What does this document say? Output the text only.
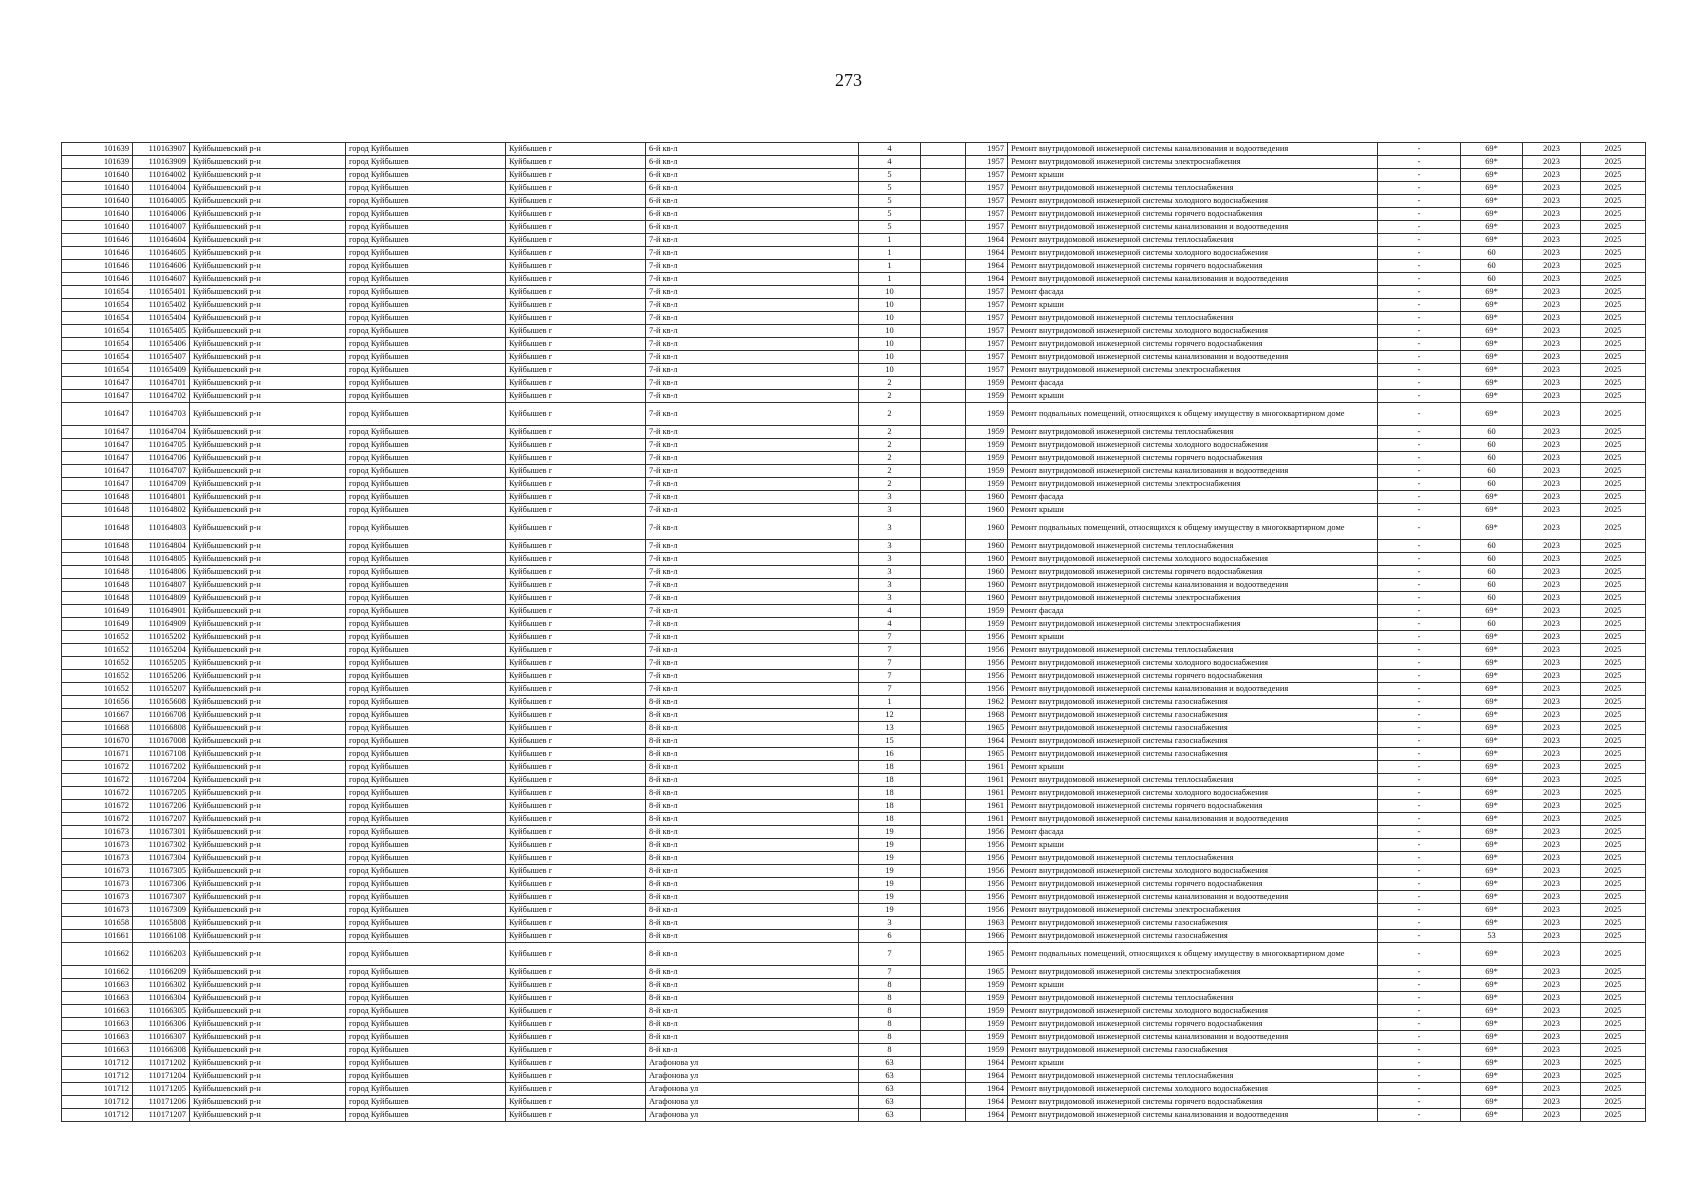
273
101639	110163907	Куйбышевский р-н	город Куйбышев	Куйбышев г	6-й кв-л	4		1957	Ремонт внутридомовой инженерной системы канализования и водоотведения	-	69*	2023	2025
101639	110163909	Куйбышевский р-н	город Куйбышев	Куйбышев г	6-й кв-л	4		1957	Ремонт внутридомовой инженерной системы электроснабжения	-	69*	2023	2025
101640	110164002	Куйбышевский р-н	город Куйбышев	Куйбышев г	6-й кв-л	5		1957	Ремонт крыши	-	69*	2023	2025
101640	110164004	Куйбышевский р-н	город Куйбышев	Куйбышев г	6-й кв-л	5		1957	Ремонт внутридомовой инженерной системы теплоснабжения	-	69*	2023	2025
101640	110164005	Куйбышевский р-н	город Куйбышев	Куйбышев г	6-й кв-л	5		1957	Ремонт внутридомовой инженерной системы холодного водоснабжения	-	69*	2023	2025
101640	110164006	Куйбышевский р-н	город Куйбышев	Куйбышев г	6-й кв-л	5		1957	Ремонт внутридомовой инженерной системы горячего водоснабжения	-	69*	2023	2025
101640	110164007	Куйбышевский р-н	город Куйбышев	Куйбышев г	6-й кв-л	5		1957	Ремонт внутридомовой инженерной системы канализования и водоотведения	-	69*	2023	2025
101646	110164604	Куйбышевский р-н	город Куйбышев	Куйбышев г	7-й кв-л	1		1964	Ремонт внутридомовой инженерной системы теплоснабжения	-	69*	2023	2025
101646	110164605	Куйбышевский р-н	город Куйбышев	Куйбышев г	7-й кв-л	1		1964	Ремонт внутридомовой инженерной системы холодного водоснабжения	-	60	2023	2025
101646	110164606	Куйбышевский р-н	город Куйбышев	Куйбышев г	7-й кв-л	1		1964	Ремонт внутридомовой инженерной системы горячего водоснабжения	-	60	2023	2025
101646	110164607	Куйбышевский р-н	город Куйбышев	Куйбышев г	7-й кв-л	1		1964	Ремонт внутридомовой инженерной системы канализования и водоотведения	-	60	2023	2025
101654	110165401	Куйбышевский р-н	город Куйбышев	Куйбышев г	7-й кв-л	10		1957	Ремонт фасада	-	69*	2023	2025
101654	110165402	Куйбышевский р-н	город Куйбышев	Куйбышев г	7-й кв-л	10		1957	Ремонт крыши	-	69*	2023	2025
101654	110165404	Куйбышевский р-н	город Куйбышев	Куйбышев г	7-й кв-л	10		1957	Ремонт внутридомовой инженерной системы теплоснабжения	-	69*	2023	2025
101654	110165405	Куйбышевский р-н	город Куйбышев	Куйбышев г	7-й кв-л	10		1957	Ремонт внутридомовой инженерной системы холодного водоснабжения	-	69*	2023	2025
101654	110165406	Куйбышевский р-н	город Куйбышев	Куйбышев г	7-й кв-л	10		1957	Ремонт внутридомовой инженерной системы горячего водоснабжения	-	69*	2023	2025
101654	110165407	Куйбышевский р-н	город Куйбышев	Куйбышев г	7-й кв-л	10		1957	Ремонт внутридомовой инженерной системы канализования и водоотведения	-	69*	2023	2025
101654	110165409	Куйбышевский р-н	город Куйбышев	Куйбышев г	7-й кв-л	10		1957	Ремонт внутридомовой инженерной системы электроснабжения	-	69*	2023	2025
101647	110164701	Куйбышевский р-н	город Куйбышев	Куйбышев г	7-й кв-л	2		1959	Ремонт фасада	-	69*	2023	2025
101647	110164702	Куйбышевский р-н	город Куйбышев	Куйбышев г	7-й кв-л	2		1959	Ремонт крыши	-	69*	2023	2025
101647	110164703	Куйбышевский р-н	город Куйбышев	Куйбышев г	7-й кв-л	2		1959	Ремонт подвальных помещений, относящихся к общему имуществу в многоквартирном доме	-	69*	2023	2025
101647	110164704	Куйбышевский р-н	город Куйбышев	Куйбышев г	7-й кв-л	2		1959	Ремонт внутридомовой инженерной системы теплоснабжения	-	60	2023	2025
101647	110164705	Куйбышевский р-н	город Куйбышев	Куйбышев г	7-й кв-л	2		1959	Ремонт внутридомовой инженерной системы холодного водоснабжения	-	60	2023	2025
101647	110164706	Куйбышевский р-н	город Куйбышев	Куйбышев г	7-й кв-л	2		1959	Ремонт внутридомовой инженерной системы горячего водоснабжения	-	60	2023	2025
101647	110164707	Куйбышевский р-н	город Куйбышев	Куйбышев г	7-й кв-л	2		1959	Ремонт внутридомовой инженерной системы канализования и водоотведения	-	60	2023	2025
101647	110164709	Куйбышевский р-н	город Куйбышев	Куйбышев г	7-й кв-л	2		1959	Ремонт внутридомовой инженерной системы электроснабжения	-	60	2023	2025
101648	110164801	Куйбышевский р-н	город Куйбышев	Куйбышев г	7-й кв-л	3		1960	Ремонт фасада	-	69*	2023	2025
101648	110164802	Куйбышевский р-н	город Куйбышев	Куйбышев г	7-й кв-л	3		1960	Ремонт крыши	-	69*	2023	2025
101648	110164803	Куйбышевский р-н	город Куйбышев	Куйбышев г	7-й кв-л	3		1960	Ремонт подвальных помещений, относящихся к общему имуществу в многоквартирном доме	-	69*	2023	2025
101648	110164804	Куйбышевский р-н	город Куйбышев	Куйбышев г	7-й кв-л	3		1960	Ремонт внутридомовой инженерной системы теплоснабжения	-	60	2023	2025
101648	110164805	Куйбышевский р-н	город Куйбышев	Куйбышев г	7-й кв-л	3		1960	Ремонт внутридомовой инженерной системы холодного водоснабжения	-	60	2023	2025
101648	110164806	Куйбышевский р-н	город Куйбышев	Куйбышев г	7-й кв-л	3		1960	Ремонт внутридомовой инженерной системы горячего водоснабжения	-	60	2023	2025
101648	110164807	Куйбышевский р-н	город Куйбышев	Куйбышев г	7-й кв-л	3		1960	Ремонт внутридомовой инженерной системы канализования и водоотведения	-	60	2023	2025
101648	110164809	Куйбышевский р-н	город Куйбышев	Куйбышев г	7-й кв-л	3		1960	Ремонт внутридомовой инженерной системы электроснабжения	-	60	2023	2025
101649	110164901	Куйбышевский р-н	город Куйбышев	Куйбышев г	7-й кв-л	4		1959	Ремонт фасада	-	69*	2023	2025
101649	110164909	Куйбышевский р-н	город Куйбышев	Куйбышев г	7-й кв-л	4		1959	Ремонт внутридомовой инженерной системы электроснабжения	-	60	2023	2025
101652	110165202	Куйбышевский р-н	город Куйбышев	Куйбышев г	7-й кв-л	7		1956	Ремонт крыши	-	69*	2023	2025
101652	110165204	Куйбышевский р-н	город Куйбышев	Куйбышев г	7-й кв-л	7		1956	Ремонт внутридомовой инженерной системы теплоснабжения	-	69*	2023	2025
101652	110165205	Куйбышевский р-н	город Куйбышев	Куйбышев г	7-й кв-л	7		1956	Ремонт внутридомовой инженерной системы холодного водоснабжения	-	69*	2023	2025
101652	110165206	Куйбышевский р-н	город Куйбышев	Куйбышев г	7-й кв-л	7		1956	Ремонт внутридомовой инженерной системы горячего водоснабжения	-	69*	2023	2025
101652	110165207	Куйбышевский р-н	город Куйбышев	Куйбышев г	7-й кв-л	7		1956	Ремонт внутридомовой инженерной системы канализования и водоотведения	-	69*	2023	2025
101656	110165608	Куйбышевский р-н	город Куйбышев	Куйбышев г	8-й кв-л	1		1962	Ремонт внутридомовой инженерной системы газоснабжения	-	69*	2023	2025
101667	110166708	Куйбышевский р-н	город Куйбышев	Куйбышев г	8-й кв-л	12		1968	Ремонт внутридомовой инженерной системы газоснабжения	-	69*	2023	2025
101668	110166808	Куйбышевский р-н	город Куйбышев	Куйбышев г	8-й кв-л	13		1965	Ремонт внутридомовой инженерной системы газоснабжения	-	69*	2023	2025
101670	110167008	Куйбышевский р-н	город Куйбышев	Куйбышев г	8-й кв-л	15		1964	Ремонт внутридомовой инженерной системы газоснабжения	-	69*	2023	2025
101671	110167108	Куйбышевский р-н	город Куйбышев	Куйбышев г	8-й кв-л	16		1965	Ремонт внутридомовой инженерной системы газоснабжения	-	69*	2023	2025
101672	110167202	Куйбышевский р-н	город Куйбышев	Куйбышев г	8-й кв-л	18		1961	Ремонт крыши	-	69*	2023	2025
101672	110167204	Куйбышевский р-н	город Куйбышев	Куйбышев г	8-й кв-л	18		1961	Ремонт внутридомовой инженерной системы теплоснабжения	-	69*	2023	2025
101672	110167205	Куйбышевский р-н	город Куйбышев	Куйбышев г	8-й кв-л	18		1961	Ремонт внутридомовой инженерной системы холодного водоснабжения	-	69*	2023	2025
101672	110167206	Куйбышевский р-н	город Куйбышев	Куйбышев г	8-й кв-л	18		1961	Ремонт внутридомовой инженерной системы горячего водоснабжения	-	69*	2023	2025
101672	110167207	Куйбышевский р-н	город Куйбышев	Куйбышев г	8-й кв-л	18		1961	Ремонт внутридомовой инженерной системы канализования и водоотведения	-	69*	2023	2025
101673	110167301	Куйбышевский р-н	город Куйбышев	Куйбышев г	8-й кв-л	19		1956	Ремонт фасада	-	69*	2023	2025
101673	110167302	Куйбышевский р-н	город Куйбышев	Куйбышев г	8-й кв-л	19		1956	Ремонт крыши	-	69*	2023	2025
101673	110167304	Куйбышевский р-н	город Куйбышев	Куйбышев г	8-й кв-л	19		1956	Ремонт внутридомовой инженерной системы теплоснабжения	-	69*	2023	2025
101673	110167305	Куйбышевский р-н	город Куйбышев	Куйбышев г	8-й кв-л	19		1956	Ремонт внутридомовой инженерной системы холодного водоснабжения	-	69*	2023	2025
101673	110167306	Куйбышевский р-н	город Куйбышев	Куйбышев г	8-й кв-л	19		1956	Ремонт внутридомовой инженерной системы горячего водоснабжения	-	69*	2023	2025
101673	110167307	Куйбышевский р-н	город Куйбышев	Куйбышев г	8-й кв-л	19		1956	Ремонт внутридомовой инженерной системы канализования и водоотведения	-	69*	2023	2025
101673	110167309	Куйбышевский р-н	город Куйбышев	Куйбышев г	8-й кв-л	19		1956	Ремонт внутридомовой инженерной системы электроснабжения	-	69*	2023	2025
101658	110165808	Куйбышевский р-н	город Куйбышев	Куйбышев г	8-й кв-л	3		1963	Ремонт внутридомовой инженерной системы газоснабжения	-	69*	2023	2025
101661	110166108	Куйбышевский р-н	город Куйбышев	Куйбышев г	8-й кв-л	6		1966	Ремонт внутридомовой инженерной системы газоснабжения	-	53	2023	2025
101662	110166203	Куйбышевский р-н	город Куйбышев	Куйбышев г	8-й кв-л	7		1965	Ремонт подвальных помещений, относящихся к общему имуществу в многоквартирном доме	-	69*	2023	2025
101662	110166209	Куйбышевский р-н	город Куйбышев	Куйбышев г	8-й кв-л	7		1965	Ремонт внутридомовой инженерной системы электроснабжения	-	69*	2023	2025
101663	110166302	Куйбышевский р-н	город Куйбышев	Куйбышев г	8-й кв-л	8		1959	Ремонт крыши	-	69*	2023	2025
101663	110166304	Куйбышевский р-н	город Куйбышев	Куйбышев г	8-й кв-л	8		1959	Ремонт внутридомовой инженерной системы теплоснабжения	-	69*	2023	2025
101663	110166305	Куйбышевский р-н	город Куйбышев	Куйбышев г	8-й кв-л	8		1959	Ремонт внутридомовой инженерной системы холодного водоснабжения	-	69*	2023	2025
101663	110166306	Куйбышевский р-н	город Куйбышев	Куйбышев г	8-й кв-л	8		1959	Ремонт внутридомовой инженерной системы горячего водоснабжения	-	69*	2023	2025
101663	110166307	Куйбышевский р-н	город Куйбышев	Куйбышев г	8-й кв-л	8		1959	Ремонт внутридомовой инженерной системы канализования и водоотведения	-	69*	2023	2025
101663	110166308	Куйбышевский р-н	город Куйбышев	Куйбышев г	8-й кв-л	8		1959	Ремонт внутридомовой инженерной системы газоснабжения	-	69*	2023	2025
101712	110171202	Куйбышевский р-н	город Куйбышев	Куйбышев г	Агафонова ул	63		1964	Ремонт крыши	-	69*	2023	2025
101712	110171204	Куйбышевский р-н	город Куйбышев	Куйбышев г	Агафонова ул	63		1964	Ремонт внутридомовой инженерной системы теплоснабжения	-	69*	2023	2025
101712	110171205	Куйбышевский р-н	город Куйбышев	Куйбышев г	Агафонова ул	63		1964	Ремонт внутридомовой инженерной системы холодного водоснабжения	-	69*	2023	2025
101712	110171206	Куйбышевский р-н	город Куйбышев	Куйбышев г	Агафонова ул	63		1964	Ремонт внутридомовой инженерной системы горячего водоснабжения	-	69*	2023	2025
101712	110171207	Куйбышевский р-н	город Куйбышев	Куйбышев г	Агафонова ул	63		1964	Ремонт внутридомовой инженерной системы канализования и водоотведения	-	69*	2023	2025
